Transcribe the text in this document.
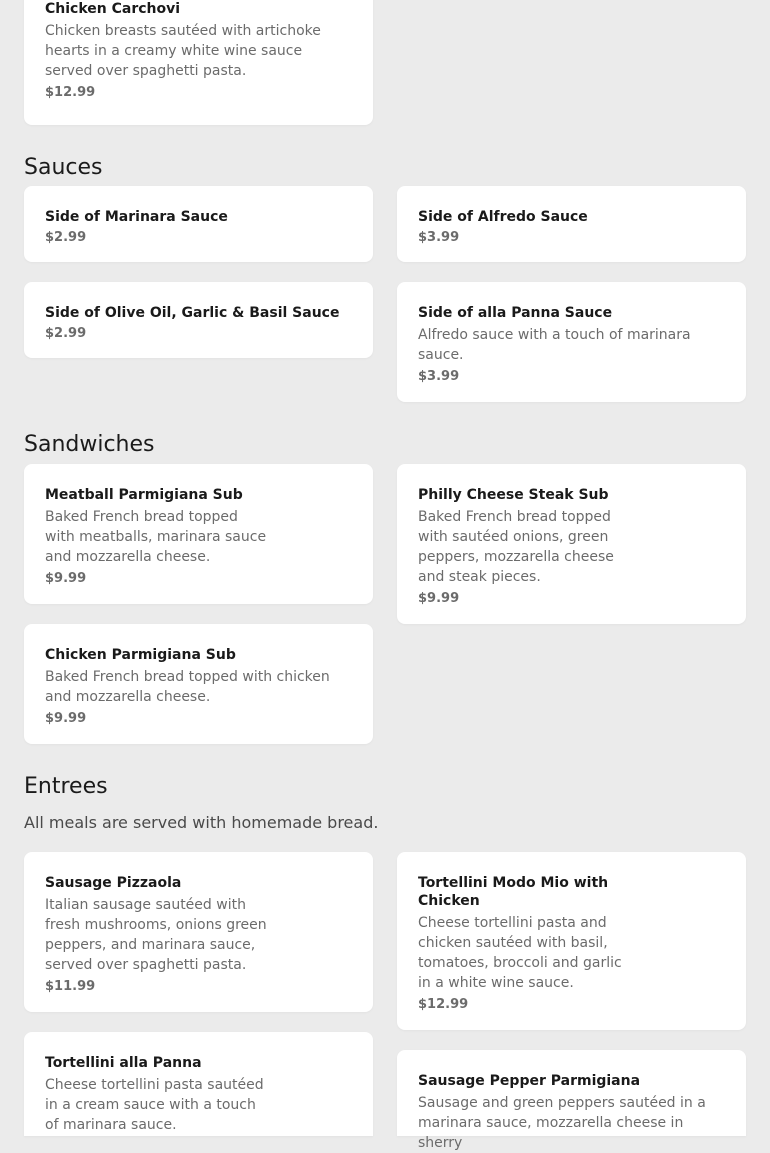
Chicken Carchovi
Chicken breasts sautéed with artichoke hearts in a creamy white wine sauce served over spaghetti pasta.
$12.99
Sauces
Side of Marinara Sauce
$2.99
Side of Alfredo Sauce
$3.99
Side of Olive Oil, Garlic & Basil Sauce
$2.99
Side of alla Panna Sauce
Alfredo sauce with a touch of marinara sauce.
$3.99
Sandwiches
Meatball Parmigiana Sub
Baked French bread topped with meatballs, marinara sauce and mozzarella cheese.
$9.99
Philly Cheese Steak Sub
Baked French bread topped with sautéed onions, green peppers, mozzarella cheese and steak pieces.
$9.99
Chicken Parmigiana Sub
Baked French bread topped with chicken and mozzarella cheese.
$9.99
Entrees

All meals are served with homemade bread.

Sausage Pizzaola
Italian sausage sautéed with fresh mushrooms, onions green peppers, and marinara sauce, served over spaghetti pasta.
$11.99
Tortellini Modo Mio with Chicken
Cheese tortellini pasta and chicken sautéed with basil, tomatoes, broccoli and garlic in a white wine sauce.
$12.99
Tortellini alla Panna
Cheese tortellini pasta sautéed in a cream sauce with a touch of marinara sauce.
Sausage Pepper Parmigiana
Sausage and green peppers sautéed in a marinara sauce, mozzarella cheese in sherry
